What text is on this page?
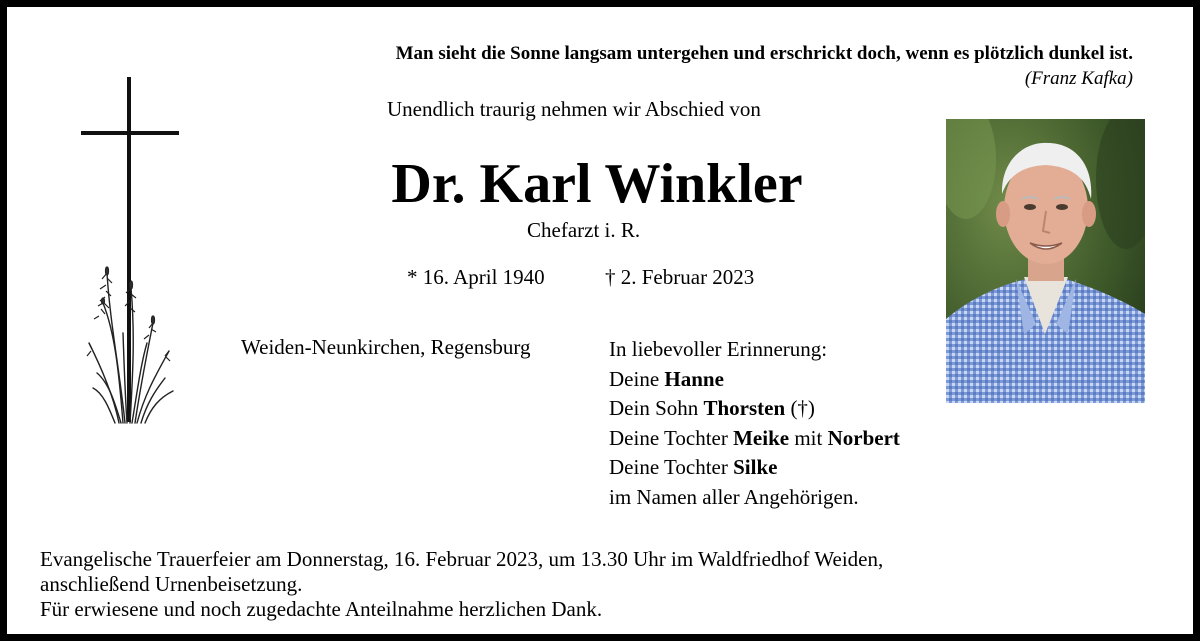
Man sieht die Sonne langsam untergehen und erschrickt doch, wenn es plötzlich dunkel ist.
(Franz Kafka)
Unendlich traurig nehmen wir Abschied von
Dr. Karl Winkler
Chefarzt i. R.
* 16. April 1940	† 2. Februar 2023
Weiden-Neunkirchen, Regensburg	In liebevoller Erinnerung:
Deine Hanne
Dein Sohn Thorsten (†)
Deine Tochter Meike mit Norbert
Deine Tochter Silke
im Namen aller Angehörigen.
Evangelische Trauerfeier am Donnerstag, 16. Februar 2023, um 13.30 Uhr im Waldfriedhof Weiden,
anschließend Urnenbeisetzung.
Für erwiesene und noch zugedachte Anteilnahme herzlichen Dank.
